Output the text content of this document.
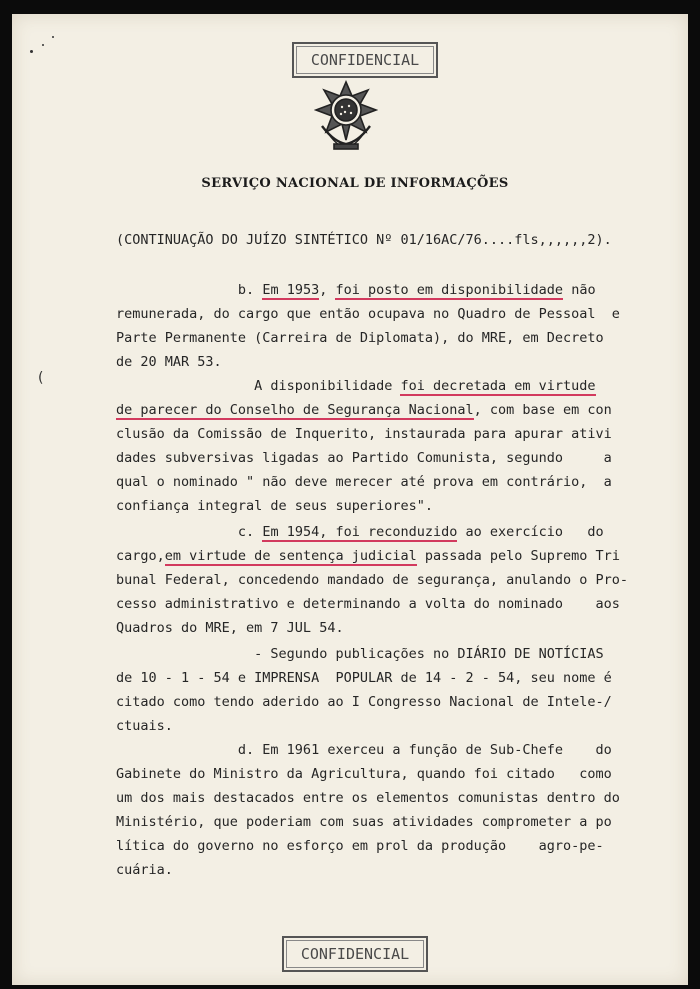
CONFIDENCIAL
SERVIÇO NACIONAL DE INFORMAÇÕES
(CONTINUAÇÃO DO JUÍZO SINTÉTICO Nº 01/16AC/76....fls,,,,,,2).
b. Em 1953, foi posto em disponibilidade não
remunerada, do cargo que então ocupava no Quadro de Pessoal  e
Parte Permanente (Carreira de Diplomata), do MRE, em Decreto
de 20 MAR 53.
A disponibilidade foi decretada em virtude
de parecer do Conselho de Segurança Nacional, com base em con
clusão da Comissão de Inquerito, instaurada para apurar ativi
dades subversivas ligadas ao Partido Comunista, segundo     a
qual o nominado " não deve merecer até prova em contrário,  a
confiança integral de seus superiores".
c. Em 1954, foi reconduzido ao exercício   do
cargo,em virtude de sentença judicial passada pelo Supremo Tri
bunal Federal, concedendo mandado de segurança, anulando o Pro-
cesso administrativo e determinando a volta do nominado    aos
Quadros do MRE, em 7 JUL 54.
- Segundo publicações no DIÁRIO DE NOTÍCIAS
de 10 - 1 - 54 e IMPRENSA  POPULAR de 14 - 2 - 54, seu nome é
citado como tendo aderido ao I Congresso Nacional de Intele-/
ctuais.
d. Em 1961 exerceu a função de Sub-Chefe    do
Gabinete do Ministro da Agricultura, quando foi citado   como
um dos mais destacados entre os elementos comunistas dentro do
Ministério, que poderiam com suas atividades comprometer a po
lítica do governo no esforço em prol da produção    agro-pe-
cuária.
(
CONFIDENCIAL
